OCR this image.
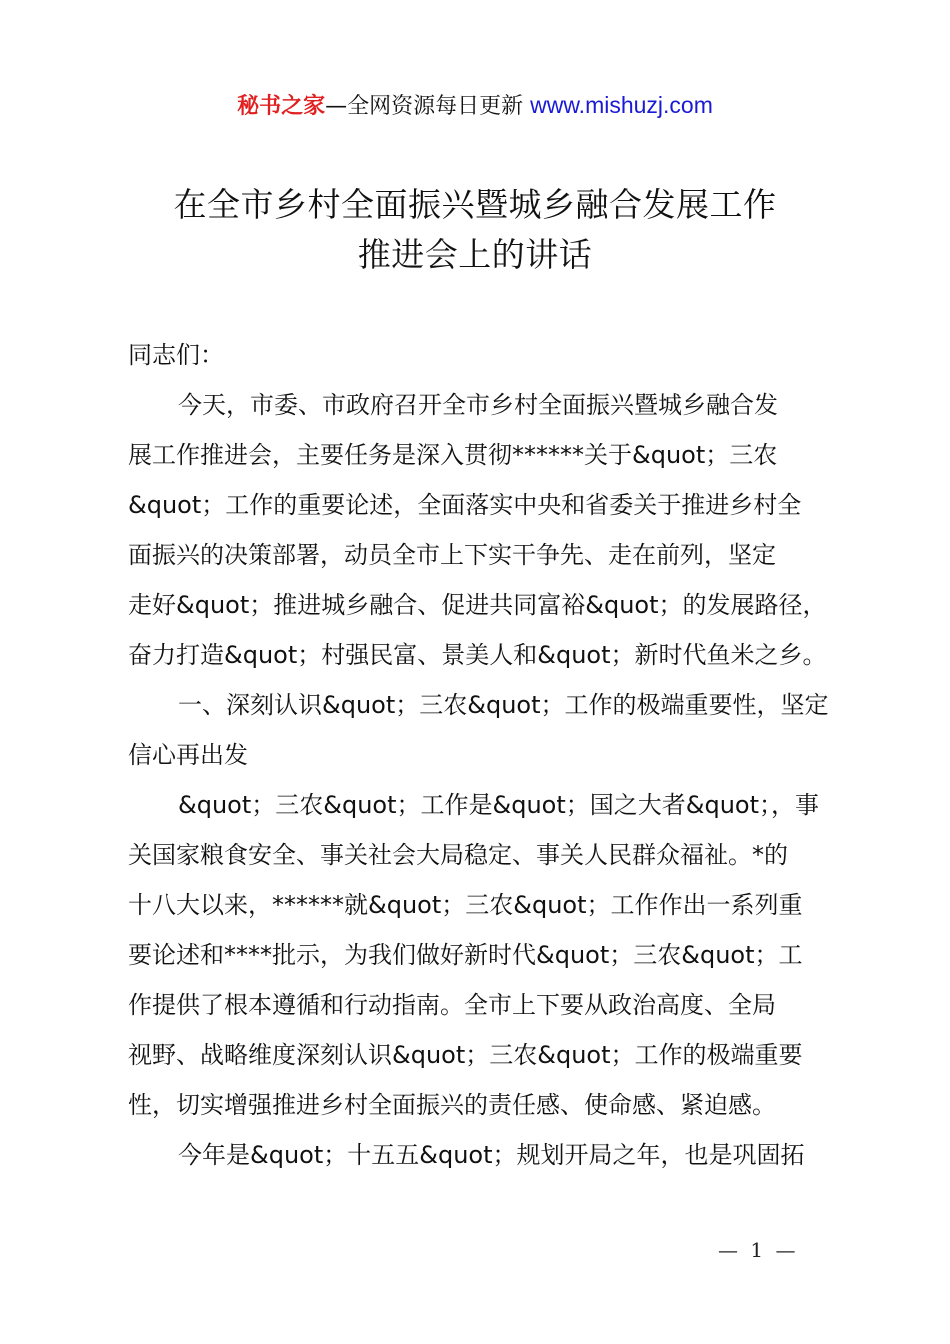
秘书之家—全网资源每日更新 www.mishuzj.com
在全市乡村全面振兴暨城乡融合发展工作
推进会上的讲话

同志们：

今天，市委、市政府召开全市乡村全面振兴暨城乡融合发

展工作推进会，主要任务是深入贯彻******关于&quot；三农

&quot；工作的重要论述，全面落实中央和省委关于推进乡村全

面振兴的决策部署，动员全市上下实干争先、走在前列，坚定

走好&quot；推进城乡融合、促进共同富裕&quot；的发展路径，

奋力打造&quot；村强民富、景美人和&quot；新时代鱼米之乡。

一、深刻认识&quot；三农&quot；工作的极端重要性，坚定

信心再出发

&quot；三农&quot；工作是&quot；国之大者&quot；，事

关国家粮食安全、事关社会大局稳定、事关人民群众福祉。*的

十八大以来，******就&quot；三农&quot；工作作出一系列重

要论述和****批示，为我们做好新时代&quot；三农&quot；工

作提供了根本遵循和行动指南。全市上下要从政治高度、全局

视野、战略维度深刻认识&quot；三农&quot；工作的极端重要

性，切实增强推进乡村全面振兴的责任感、使命感、紧迫感。

今年是&quot；十五五&quot；规划开局之年，也是巩固拓

— 1 —
